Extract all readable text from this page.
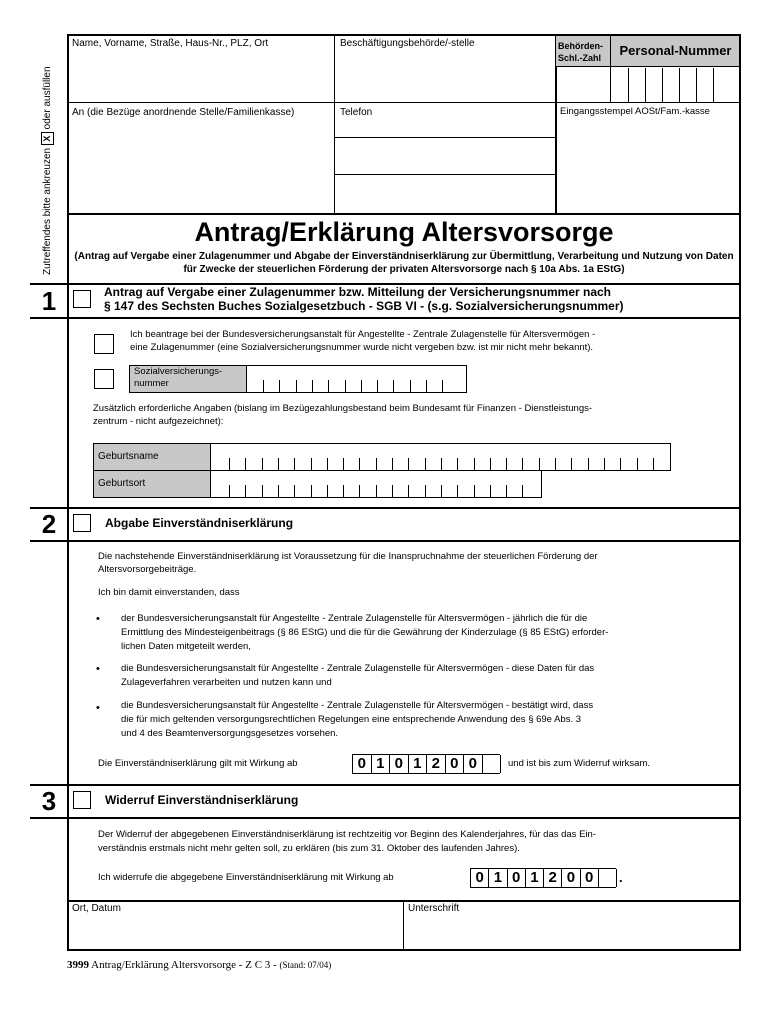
Zutreffendes bitte ankreuzen X oder ausfüllen
Name, Vorname, Straße, Haus-Nr., PLZ, Ort	Beschäftigungsbehörde/-stelle
An (die Bezüge anordnende Stelle/Familienkasse)	Telefon
Behörden-Schl.-Zahl	Personal-Nummer
Eingangsstempel AOSt/Fam.-kasse
Antrag/Erklärung Altersvorsorge
(Antrag auf Vergabe einer Zulagenummer und Abgabe der Einverständniserklärung zur Übermittlung, Verarbeitung und Nutzung von Daten für Zwecke der steuerlichen Förderung der privaten Altersvorsorge nach § 10a Abs. 1a EStG)
1	Antrag auf Vergabe einer Zulagenummer bzw. Mitteilung der Versicherungsnummer nach
§ 147 des Sechsten Buches Sozialgesetzbuch - SGB VI - (s.g. Sozialversicherungsnummer)
Ich beantrage bei der Bundesversicherungsanstalt für Angestellte - Zentrale Zulagenstelle für Altersvermögen -
eine Zulagenummer (eine Sozialversicherungsnummer wurde nicht vergeben bzw. ist mir nicht mehr bekannt).
Sozialversicherungs-
nummer
Zusätzlich erforderliche Angaben (bislang im Bezügezahlungsbestand beim Bundesamt für Finanzen - Dienstleistungs-
zentrum - nicht aufgezeichnet):
Geburtsname
Geburtsort
2	Abgabe Einverständniserklärung
Die nachstehende Einverständniserklärung ist Voraussetzung für die Inanspruchnahme der steuerlichen Förderung der
Altersvorsorgebeiträge.
Ich bin damit einverstanden, dass
• der Bundesversicherungsanstalt für Angestellte - Zentrale Zulagenstelle für Altersvermögen - jährlich die für die
Ermittlung des Mindesteigenbeitrags (§ 86 EStG) und die für die Gewährung der Kinderzulage (§ 85 EStG) erforder-
lichen Daten mitgeteilt werden,
• die Bundesversicherungsanstalt für Angestellte - Zentrale Zulagenstelle für Altersvermögen - diese Daten für das
Zulageverfahren verarbeiten und nutzen kann und
• die Bundesversicherungsanstalt für Angestellte - Zentrale Zulagenstelle für Altersvermögen - bestätigt wird, dass
die für mich geltenden versorgungsrechtlichen Regelungen eine entsprechende Anwendung des § 69e Abs. 3
und 4 des Beamtenversorgungsgesetzes vorsehen.
Die Einverständniserklärung gilt mit Wirkung ab	0 1 0 1 2 0 0	und ist bis zum Widerruf wirksam.
3	Widerruf Einverständniserklärung
Der Widerruf der abgegebenen Einverständniserklärung ist rechtzeitig vor Beginn des Kalenderjahres, für das das Ein-
verständnis erstmals nicht mehr gelten soll, zu erklären (bis zum 31. Oktober des laufenden Jahres).
Ich widerrufe die abgegebene Einverständniserklärung mit Wirkung ab	0 1 0 1 2 0 0	.
Ort, Datum	Unterschrift
3999 Antrag/Erklärung Altersvorsorge - Z C 3 - (Stand: 07/04)
